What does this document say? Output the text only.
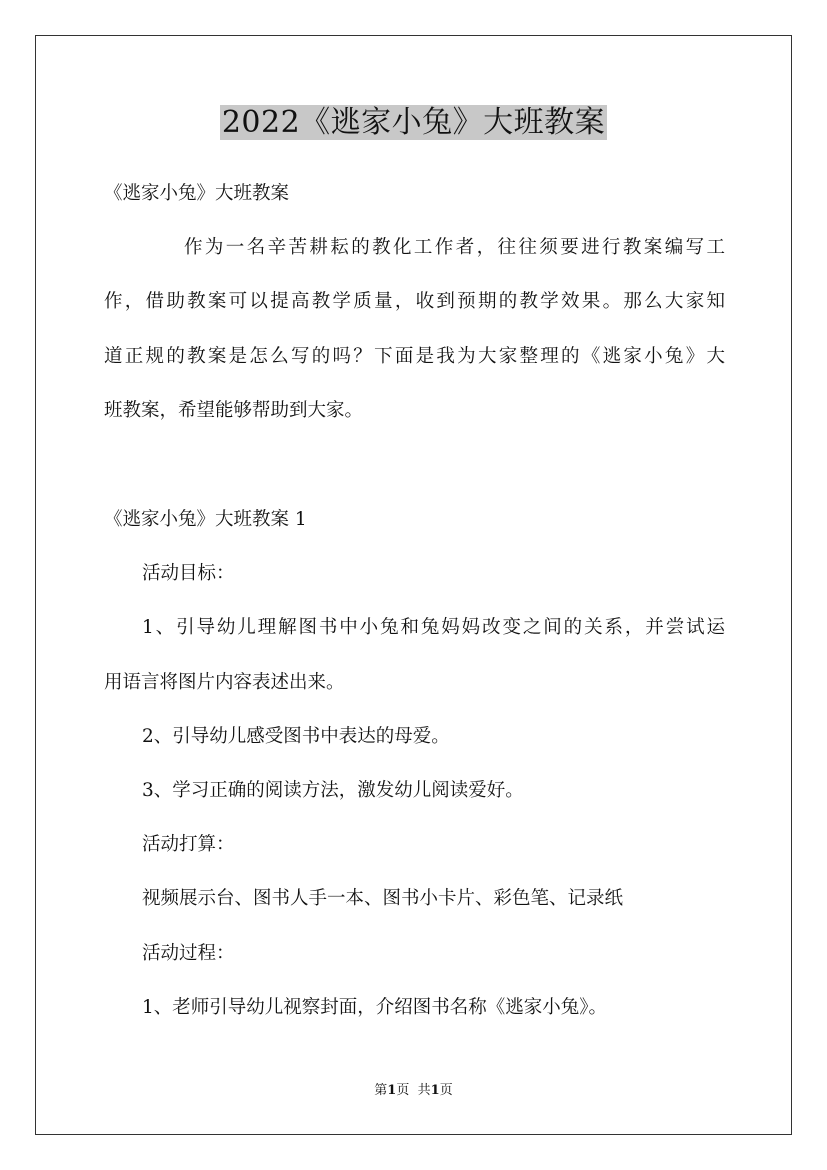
2022《逃家小兔》大班教案
《逃家小兔》大班教案
作为一名辛苦耕耘的教化工作者，往往须要进行教案编写工
作，借助教案可以提高教学质量，收到预期的教学效果。那么大家知
道正规的教案是怎么写的吗？下面是我为大家整理的《逃家小兔》大
班教案，希望能够帮助到大家。
《逃家小兔》大班教案 1
活动目标：
1、引导幼儿理解图书中小兔和兔妈妈改变之间的关系，并尝试运
用语言将图片内容表述出来。
2、引导幼儿感受图书中表达的母爱。
3、学习正确的阅读方法，激发幼儿阅读爱好。
活动打算：
视频展示台、图书人手一本、图书小卡片、彩色笔、记录纸
活动过程：
1、老师引导幼儿视察封面，介绍图书名称《逃家小兔》。
第1页 共1页
